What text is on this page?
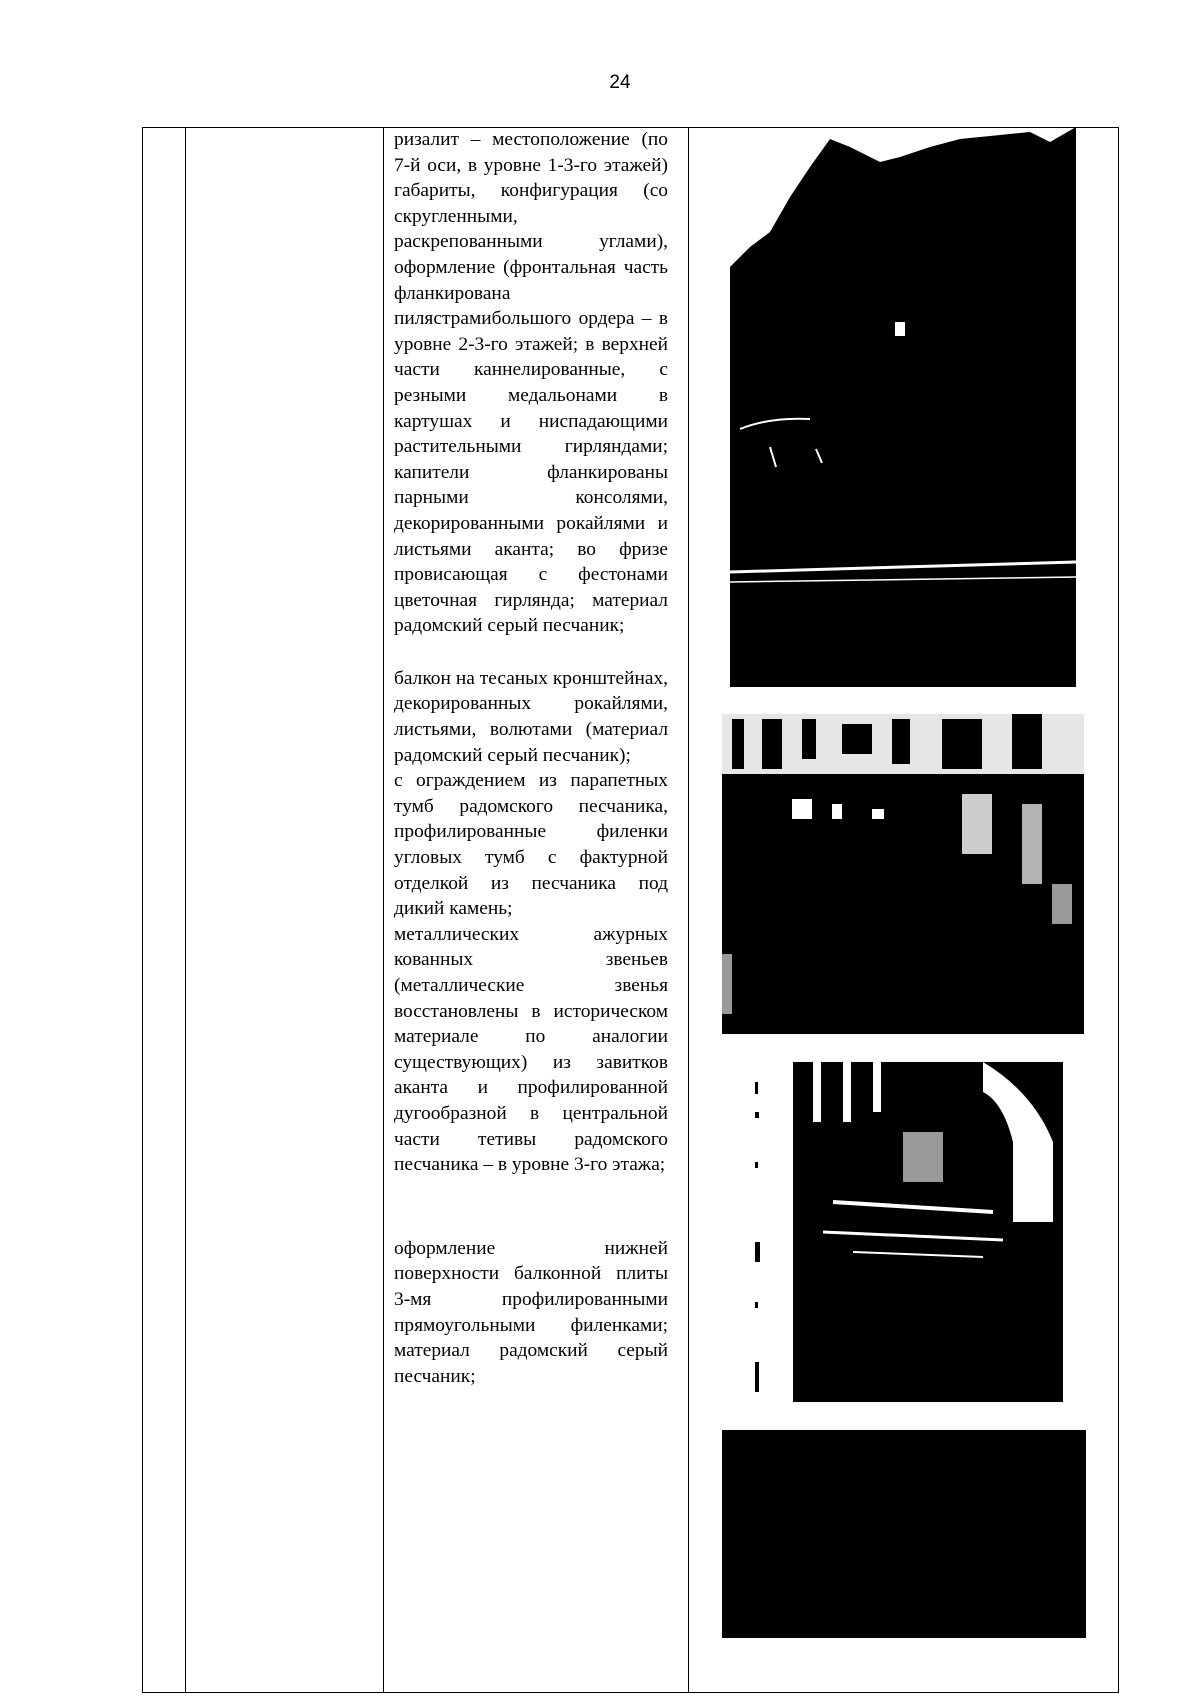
24

ризалит – местоположение (по 7-й оси, в уровне 1-3-го этажей) габариты, конфигурация (со скругленными, раскрепованными углами), оформление (фронтальная часть фланкирована пилястрамибольшого ордера – в уровне 2-3-го этажей; в верхней части каннелированные, с резными медальонами в картушах и ниспадающими растительными гирляндами; капители фланкированы парными консолями, декорированными рокайлями и листьями аканта; во фризе провисающая с фестонами цветочная гирлянда; материал радомский серый песчаник;

балкон на тесаных кронштейнах, декорированных рокайлями, листьями, волютами (материал радомский серый песчаник);

с ограждением из парапетных тумб радомского песчаника, профилированные филенки угловых тумб с фактурной отделкой из песчаника под дикий камень;

металлических ажурных кованных звеньев (металлические звенья восстановлены в историческом материале по аналогии существующих) из завитков аканта и профилированной дугообразной в центральной части тетивы радомского песчаника – в уровне 3-го этажа;

оформление нижней поверхности балконной плиты 3-мя профилированными прямоугольными филенками; материал радомский серый песчаник;
